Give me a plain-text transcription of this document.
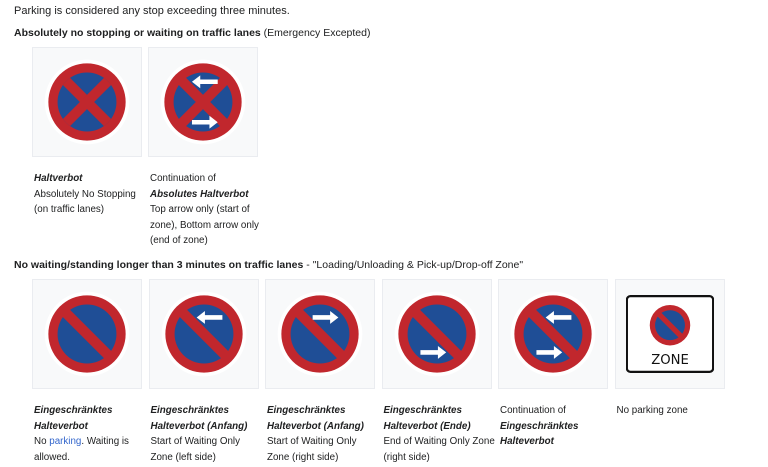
Parking is considered any stop exceeding three minutes.
Absolutely no stopping or waiting on traffic lanes (Emergency Excepted)
Haltverbot
Absolutely No Stopping (on traffic lanes)
Continuation of
Absolutes Haltverbot
Top arrow only (start of zone), Bottom arrow only (end of zone)
No waiting/standing longer than 3 minutes on traffic lanes - "Loading/Unloading & Pick-up/Drop-off Zone"
Eingeschränktes Halteverbot
No parking. Waiting is allowed.
Eingeschränktes Halteverbot (Anfang)
Start of Waiting Only Zone (left side)
Eingeschränktes Halteverbot (Anfang)
Start of Waiting Only Zone (right side)
Eingeschränktes Halteverbot (Ende)
End of Waiting Only Zone (right side)
Continuation of
Eingeschränktes Halteverbot
ZONE
No parking zone
